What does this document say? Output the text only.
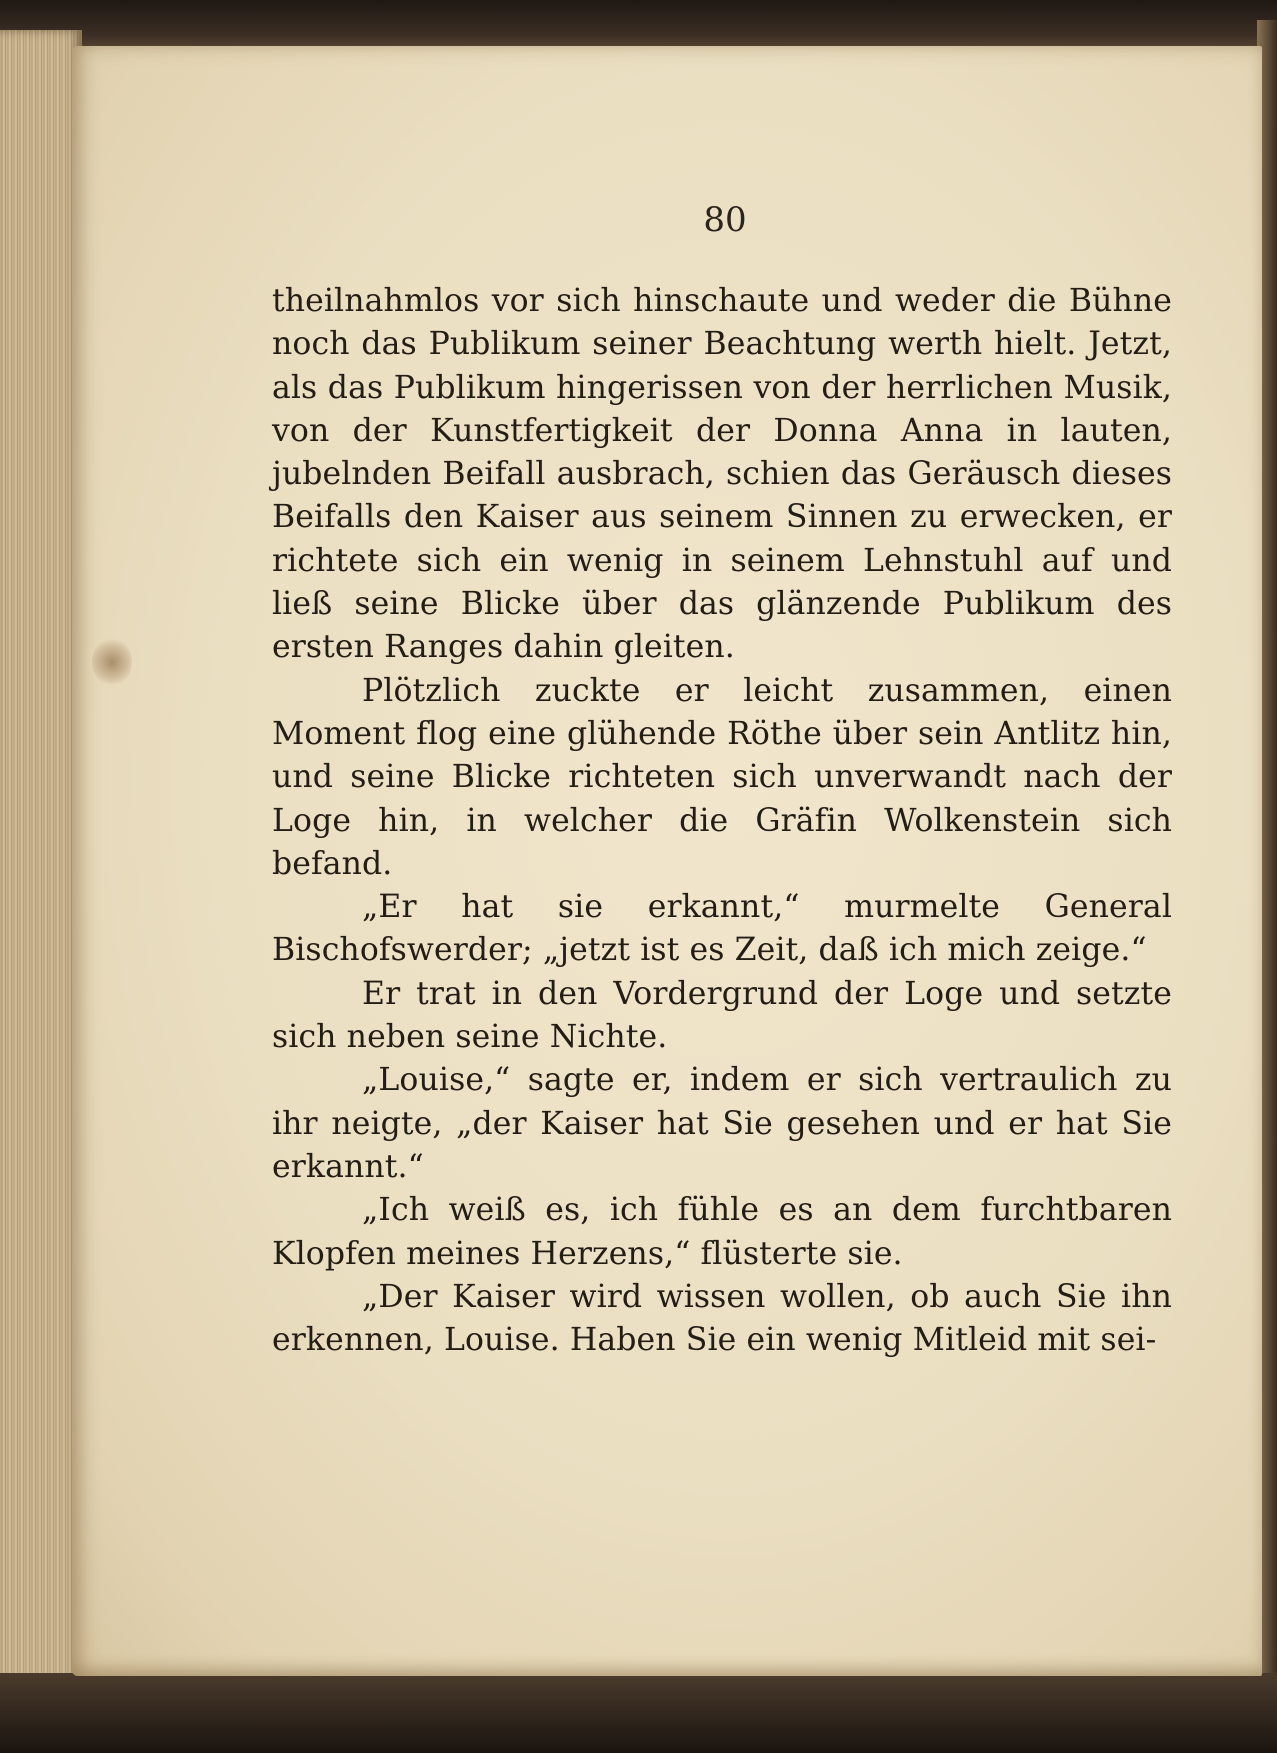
80

theilnahmlos vor sich hinschaute und weder die Bühne noch das Publikum seiner Beachtung werth hielt. Jetzt, als das Publikum hingerissen von der herrlichen Musik, von der Kunstfertigkeit der Donna Anna in lauten, jubelnden Beifall ausbrach, schien das Geräusch dieses Beifalls den Kaiser aus seinem Sinnen zu erwecken, er richtete sich ein wenig in seinem Lehnstuhl auf und ließ seine Blicke über das glänzende Publikum des ersten Ranges dahin gleiten.

Plötzlich zuckte er leicht zusammen, einen Moment flog eine glühende Röthe über sein Antlitz hin, und seine Blicke richteten sich unverwandt nach der Loge hin, in welcher die Gräfin Wolkenstein sich befand.

„Er hat sie erkannt,“ murmelte General Bischofswerder; „jetzt ist es Zeit, daß ich mich zeige.“

Er trat in den Vordergrund der Loge und setzte sich neben seine Nichte.

„Louise,“ sagte er, indem er sich vertraulich zu ihr neigte, „der Kaiser hat Sie gesehen und er hat Sie erkannt.“

„Ich weiß es, ich fühle es an dem furchtbaren Klopfen meines Herzens,“ flüsterte sie.

„Der Kaiser wird wissen wollen, ob auch Sie ihn erkennen, Louise. Haben Sie ein wenig Mitleid mit sei-
